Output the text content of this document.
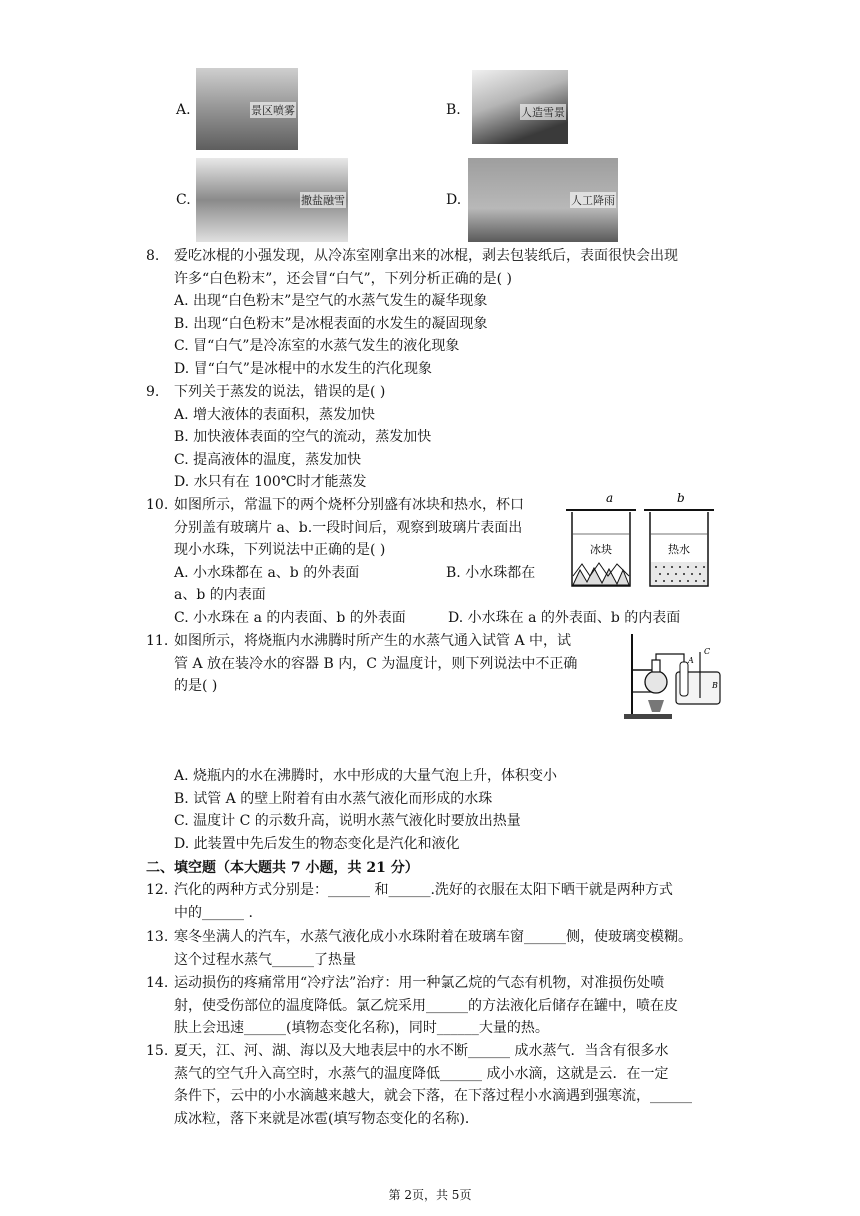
A.	景区喷雾	B.	人造雪景
C.	撒盐融雪	D.	人工降雨
8.	爱吃冰棍的小强发现，从冷冻室刚拿出来的冰棍，剥去包装纸后，表面很快会出现
许多“白色粉末”，还会冒“白气”，下列分析正确的是( )
A. 出现“白色粉末”是空气的水蒸气发生的凝华现象
B. 出现“白色粉末”是冰棍表面的水发生的凝固现象
C. 冒“白气”是冷冻室的水蒸气发生的液化现象
D. 冒“白气”是冰棍中的水发生的汽化现象
9.	下列关于蒸发的说法，错误的是( )
A. 增大液体的表面积，蒸发加快
B. 加快液体表面的空气的流动，蒸发加快
C. 提高液体的温度，蒸发加快
D. 水只有在 100℃时才能蒸发
10. 如图所示，常温下的两个烧杯分别盛有冰块和热水，杯口
分别盖有玻璃片 a、b.一段时间后，观察到玻璃片表面出
现小水珠，下列说法中正确的是( )
A. 小水珠都在 a、b 的外表面	B. 小水珠都在
a、b 的内表面
C. 小水珠在 a 的内表面、b 的外表面	D. 小水珠在 a 的外表面、b 的内表面
a	b
冰块	热水
11. 如图所示，将烧瓶内水沸腾时所产生的水蒸气通入试管 A 中，试
管 A 放在装冷水的容器 B 内，C 为温度计，则下列说法中不正确
的是( )
A. 烧瓶内的水在沸腾时，水中形成的大量气泡上升，体积变小
B. 试管 A 的壁上附着有由水蒸气液化而形成的水珠
C. 温度计 C 的示数升高，说明水蒸气液化时要放出热量
D. 此装置中先后发生的物态变化是汽化和液化
A
C
B
二、填空题（本大题共 7 小题，共 21 分）
12. 汽化的两种方式分别是：______ 和______.洗好的衣服在太阳下晒干就是两种方式
中的______ .
13. 寒冬坐满人的汽车，水蒸气液化成小水珠附着在玻璃车窗______侧，使玻璃变模糊。
这个过程水蒸气______了热量
14. 运动损伤的疼痛常用“冷疗法”治疗：用一种氯乙烷的气态有机物，对准损伤处喷
射，使受伤部位的温度降低。氯乙烷采用______的方法液化后储存在罐中，喷在皮
肤上会迅速______(填物态变化名称)，同时______大量的热。
15. 夏天，江、河、湖、海以及大地表层中的水不断______ 成水蒸气．当含有很多水
蒸气的空气升入高空时，水蒸气的温度降低______ 成小水滴，这就是云．在一定
条件下，云中的小水滴越来越大，就会下落，在下落过程小水滴遇到强寒流，______
成冰粒，落下来就是冰雹(填写物态变化的名称)．
第 2页，共 5页
